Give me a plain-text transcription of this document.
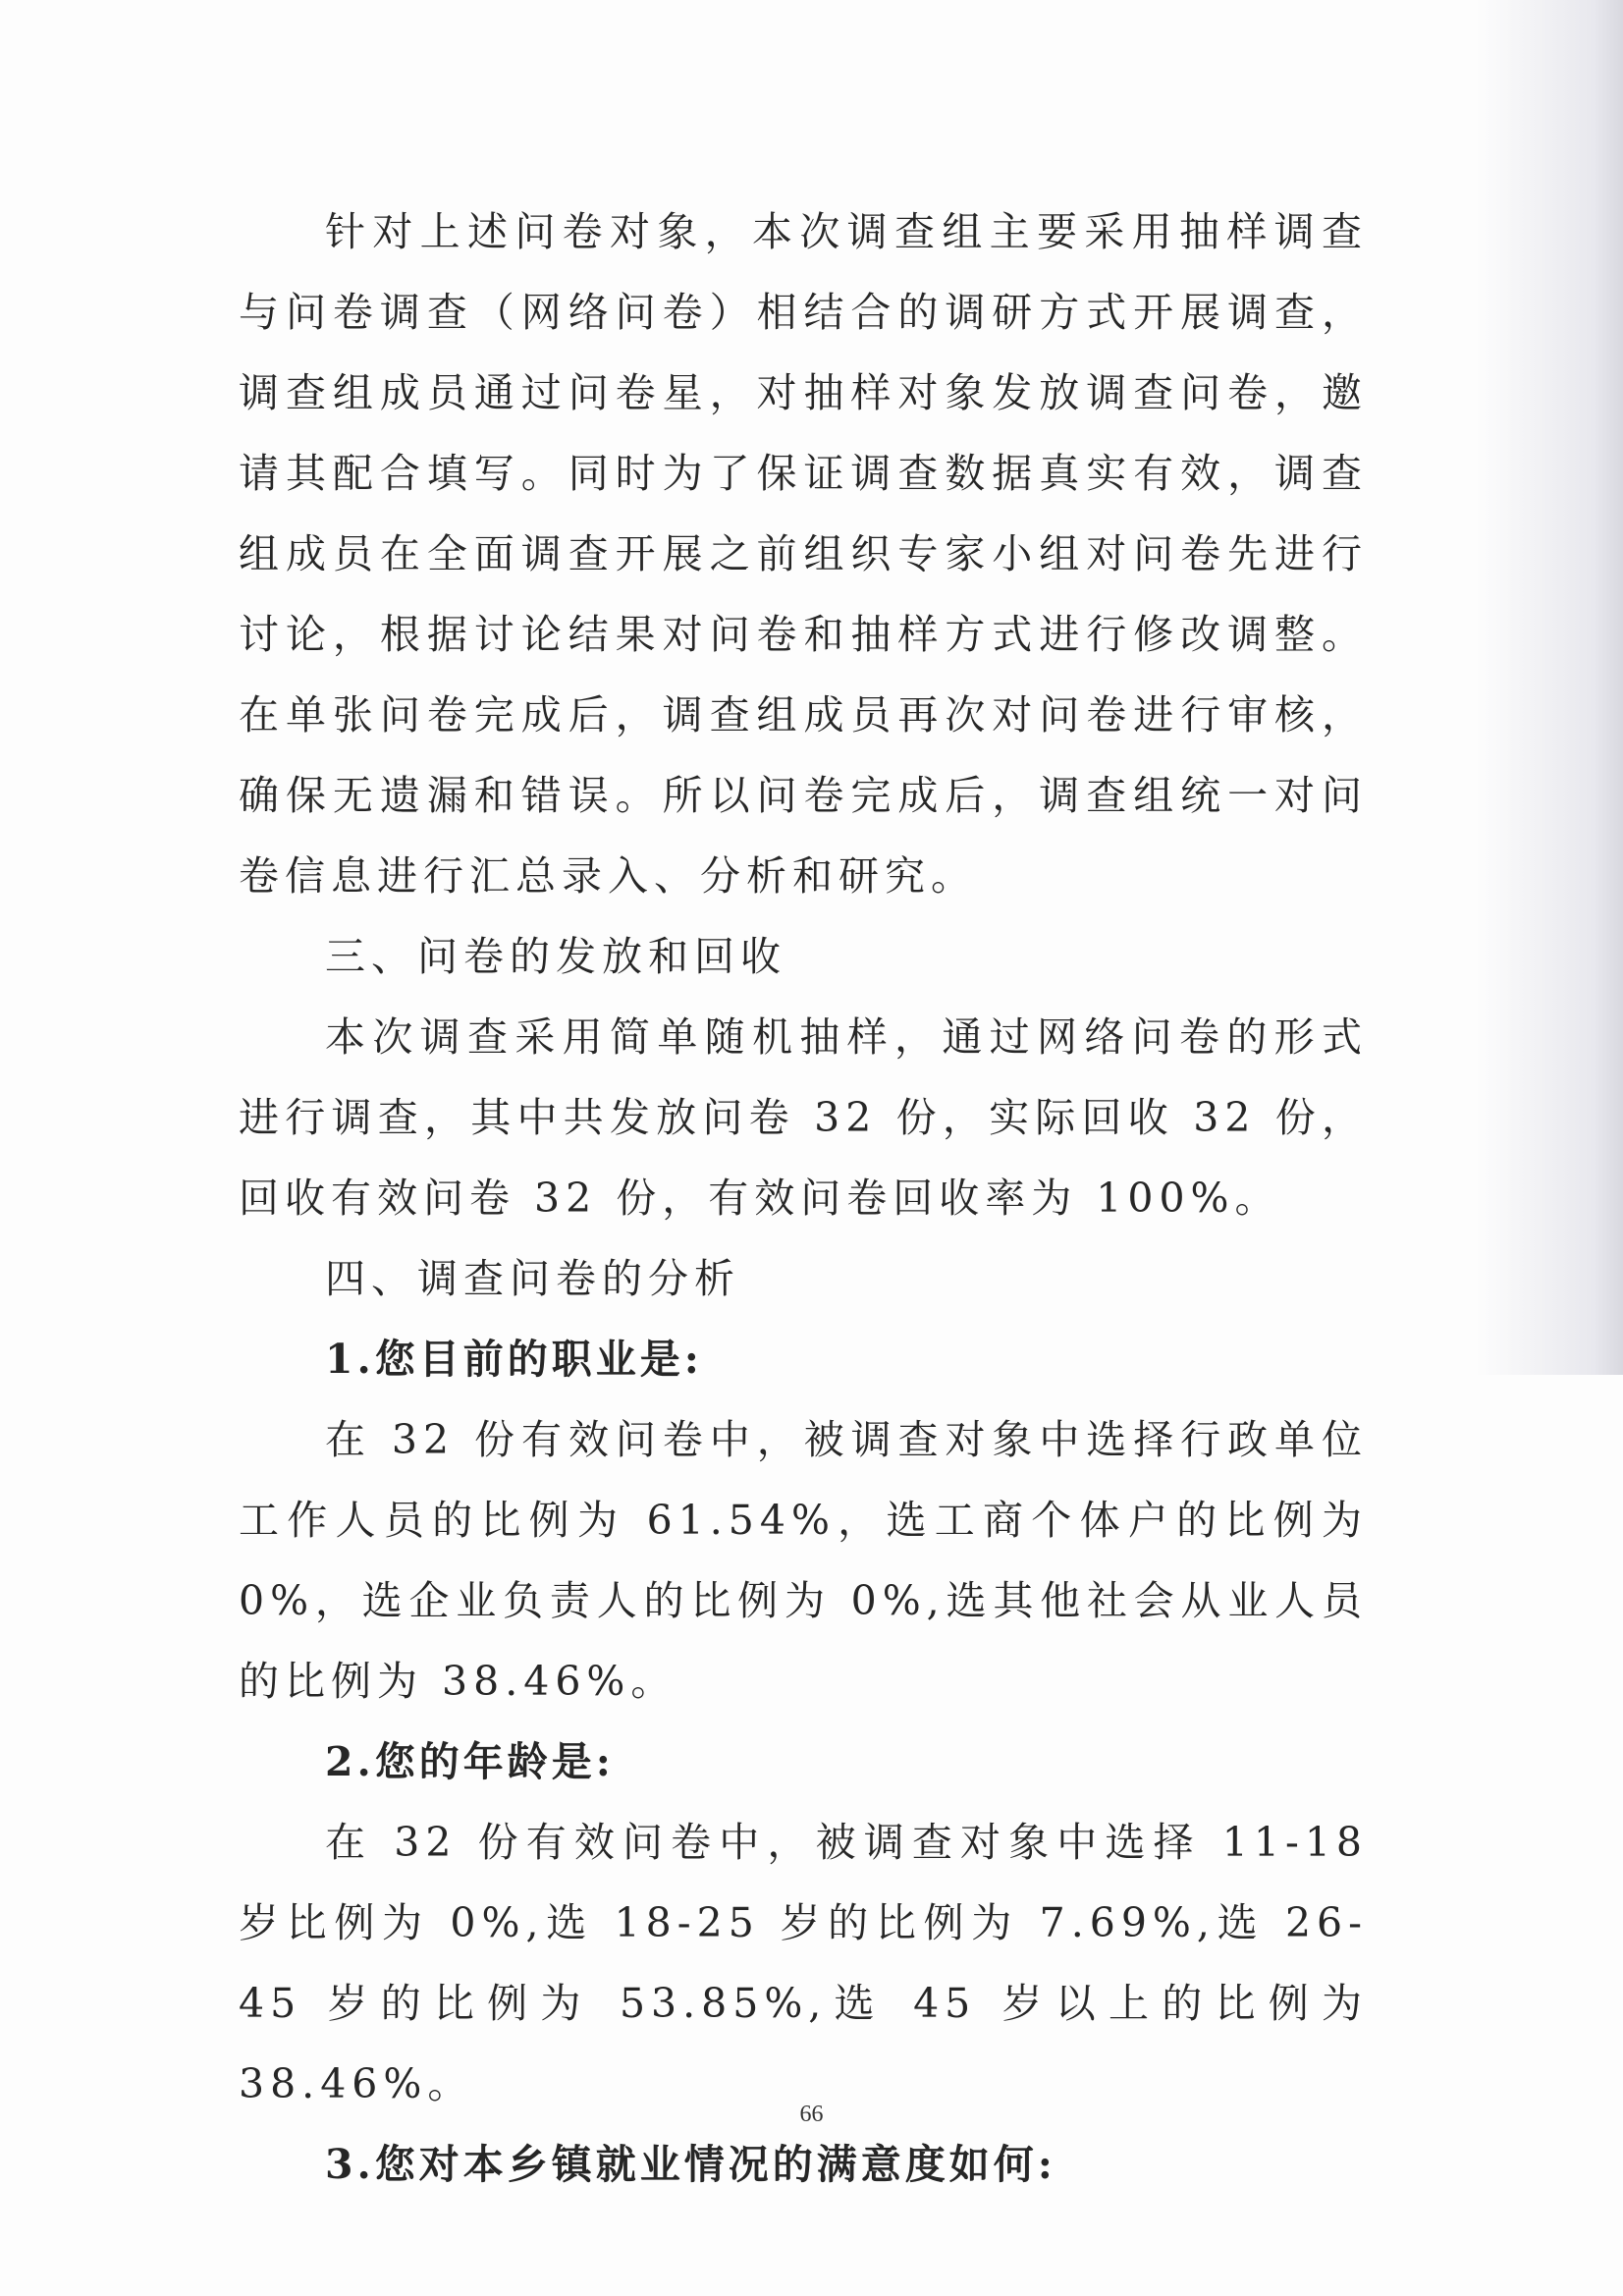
针对上述问卷对象，本次调查组主要采用抽样调查与问卷调查（网络问卷）相结合的调研方式开展调查，调查组成员通过问卷星，对抽样对象发放调查问卷，邀请其配合填写。同时为了保证调查数据真实有效，调查组成员在全面调查开展之前组织专家小组对问卷先进行讨论，根据讨论结果对问卷和抽样方式进行修改调整。在单张问卷完成后，调查组成员再次对问卷进行审核，确保无遗漏和错误。所以问卷完成后，调查组统一对问卷信息进行汇总录入、分析和研究。

三、问卷的发放和回收

本次调查采用简单随机抽样，通过网络问卷的形式进行调查，其中共发放问卷 32 份，实际回收 32 份，回收有效问卷 32 份，有效问卷回收率为 100%。

四、调查问卷的分析

1.您目前的职业是:

在 32 份有效问卷中，被调查对象中选择行政单位工作人员的比例为 61.54%，选工商个体户的比例为 0%，选企业负责人的比例为 0%,选其他社会从业人员的比例为 38.46%。

2.您的年龄是:

在 32 份有效问卷中，被调查对象中选择 11-18 岁比例为 0%,选 18-25 岁的比例为 7.69%,选 26-45 岁的比例为 53.85%,选 45 岁以上的比例为 38.46%。

3.您对本乡镇就业情况的满意度如何:

66
